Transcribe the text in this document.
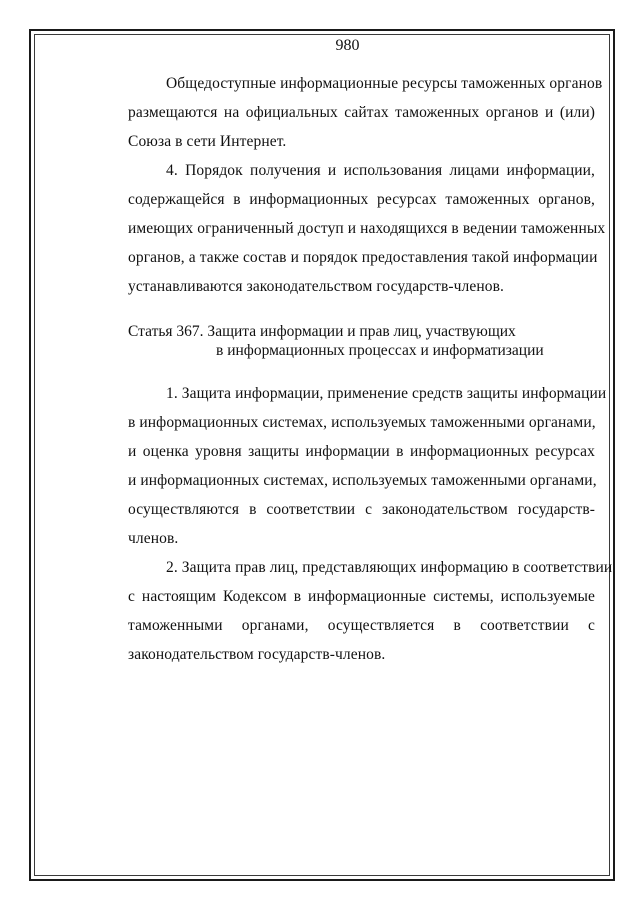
980
Общедоступные информационные ресурсы таможенных органов
размещаются на официальных сайтах таможенных органов и (или)
Союза в сети Интернет.
4. Порядок получения и использования лицами информации,
содержащейся в информационных ресурсах таможенных органов,
имеющих ограниченный доступ и находящихся в ведении таможенных
органов, а также состав и порядок предоставления такой информации
устанавливаются законодательством государств-членов.
Статья 367. Защита информации и прав лиц, участвующих
в информационных процессах и информатизации
1. Защита информации, применение средств защиты информации
в информационных системах, используемых таможенными органами,
и оценка уровня защиты информации в информационных ресурсах
и информационных системах, используемых таможенными органами,
осуществляются в соответствии с законодательством государств-
членов.
2. Защита прав лиц, представляющих информацию в соответствии
с настоящим Кодексом в информационные системы, используемые
таможенными органами, осуществляется в соответствии с
законодательством государств-членов.
